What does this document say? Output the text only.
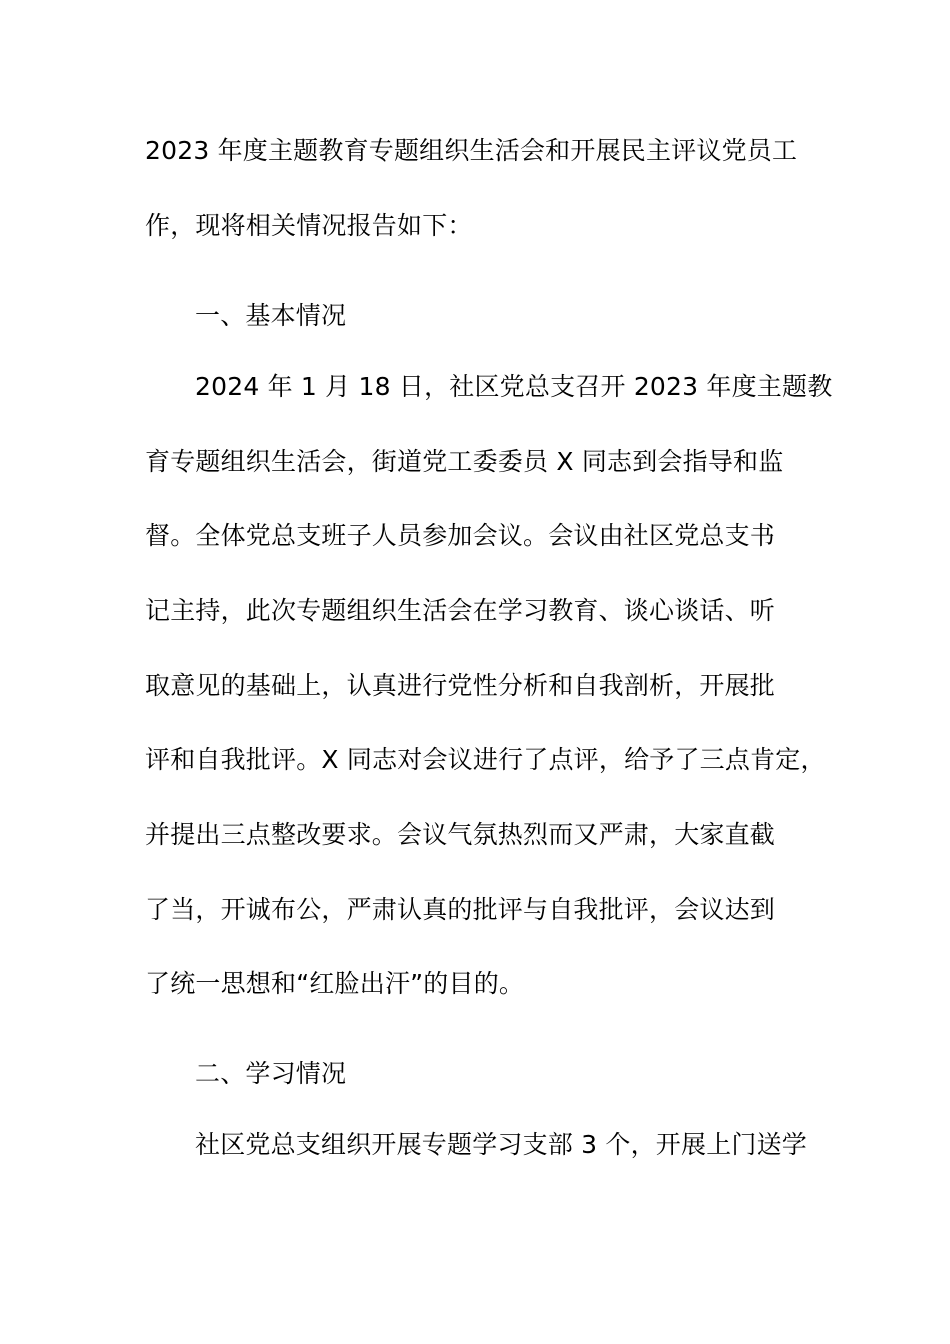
2023 年度主题教育专题组织生活会和开展民主评议党员工
作，现将相关情况报告如下：
一、基本情况
2024 年 1 月 18 日，社区党总支召开 2023 年度主题教
育专题组织生活会，街道党工委委员 X 同志到会指导和监
督。全体党总支班子人员参加会议。会议由社区党总支书
记主持，此次专题组织生活会在学习教育、谈心谈话、听
取意见的基础上，认真进行党性分析和自我剖析，开展批
评和自我批评。X 同志对会议进行了点评，给予了三点肯定，
并提出三点整改要求。会议气氛热烈而又严肃，大家直截
了当，开诚布公，严肃认真的批评与自我批评，会议达到
了统一思想和“红脸出汗”的目的。
二、学习情况
社区党总支组织开展专题学习支部 3 个，开展上门送学
